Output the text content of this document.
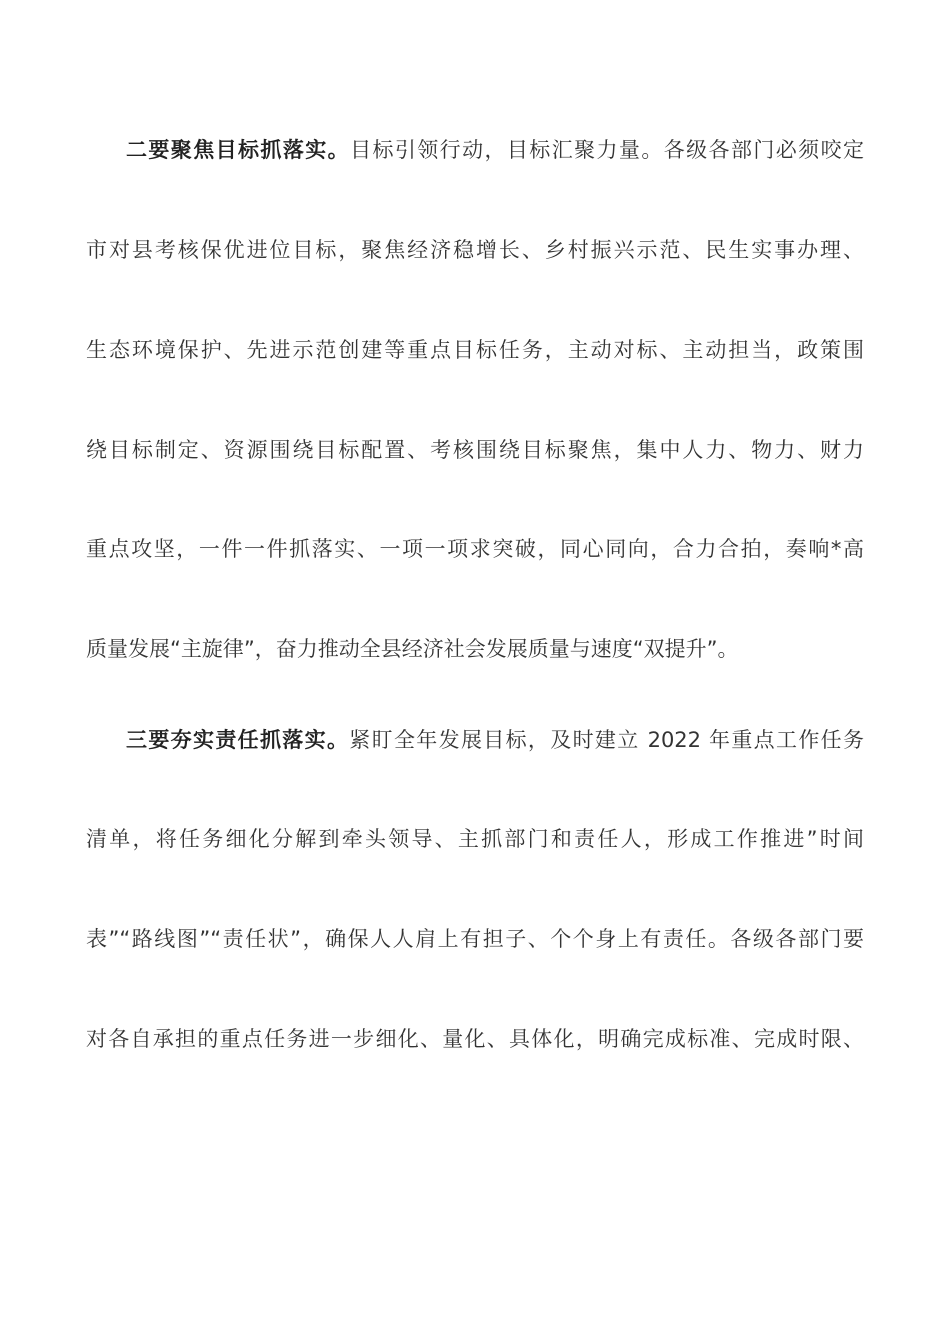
二要聚焦目标抓落实。目标引领行动，目标汇聚力量。各级各部门必须咬定
市对县考核保优进位目标，聚焦经济稳增长、乡村振兴示范、民生实事办理、
生态环境保护、先进示范创建等重点目标任务，主动对标、主动担当，政策围
绕目标制定、资源围绕目标配置、考核围绕目标聚焦，集中人力、物力、财力
重点攻坚，一件一件抓落实、一项一项求突破，同心同向，合力合拍，奏响*高
质量发展“主旋律”，奋力推动全县经济社会发展质量与速度“双提升”。
三要夯实责任抓落实。紧盯全年发展目标，及时建立 2022 年重点工作任务
清单，将任务细化分解到牵头领导、主抓部门和责任人，形成工作推进”时间
表”“路线图”“责任状”，确保人人肩上有担子、个个身上有责任。各级各部门要
对各自承担的重点任务进一步细化、量化、具体化，明确完成标准、完成时限、
